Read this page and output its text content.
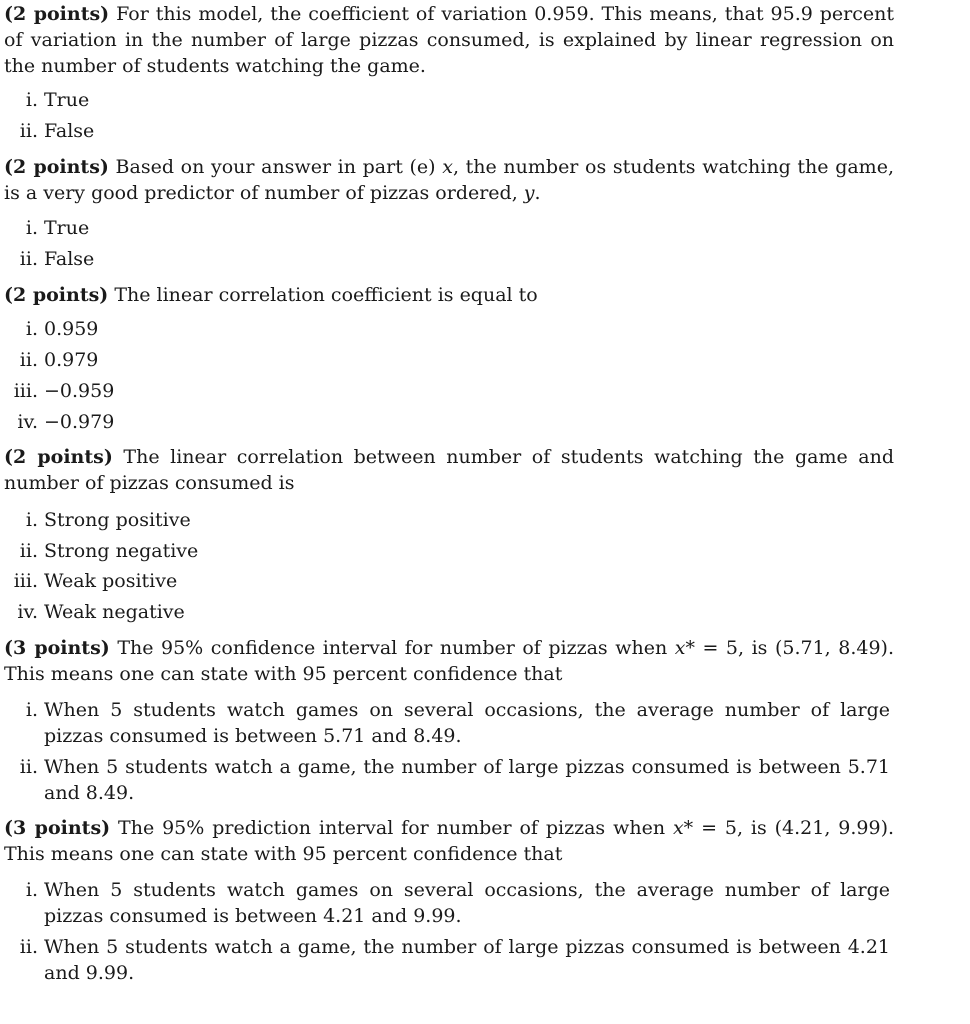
(2 points) For this model, the coefficient of variation 0.959. This means, that 95.9 percent of variation in the number of large pizzas consumed, is explained by linear regression on the number of students watching the game.
i. True
ii. False
(2 points) Based on your answer in part (e) x, the number os students watching the game, is a very good predictor of number of pizzas ordered, y.
i. True
ii. False
(2 points) The linear correlation coefficient is equal to
i. 0.959
ii. 0.979
iii. −0.959
iv. −0.979
(2 points) The linear correlation between number of students watching the game and number of pizzas consumed is
i. Strong positive
ii. Strong negative
iii. Weak positive
iv. Weak negative
(3 points) The 95% confidence interval for number of pizzas when x* = 5, is (5.71, 8.49). This means one can state with 95 percent confidence that
i. When 5 students watch games on several occasions, the average number of large pizzas consumed is between 5.71 and 8.49.
ii. When 5 students watch a game, the number of large pizzas consumed is between 5.71 and 8.49.
(3 points) The 95% prediction interval for number of pizzas when x* = 5, is (4.21, 9.99). This means one can state with 95 percent confidence that
i. When 5 students watch games on several occasions, the average number of large pizzas consumed is between 4.21 and 9.99.
ii. When 5 students watch a game, the number of large pizzas consumed is between 4.21 and 9.99.
